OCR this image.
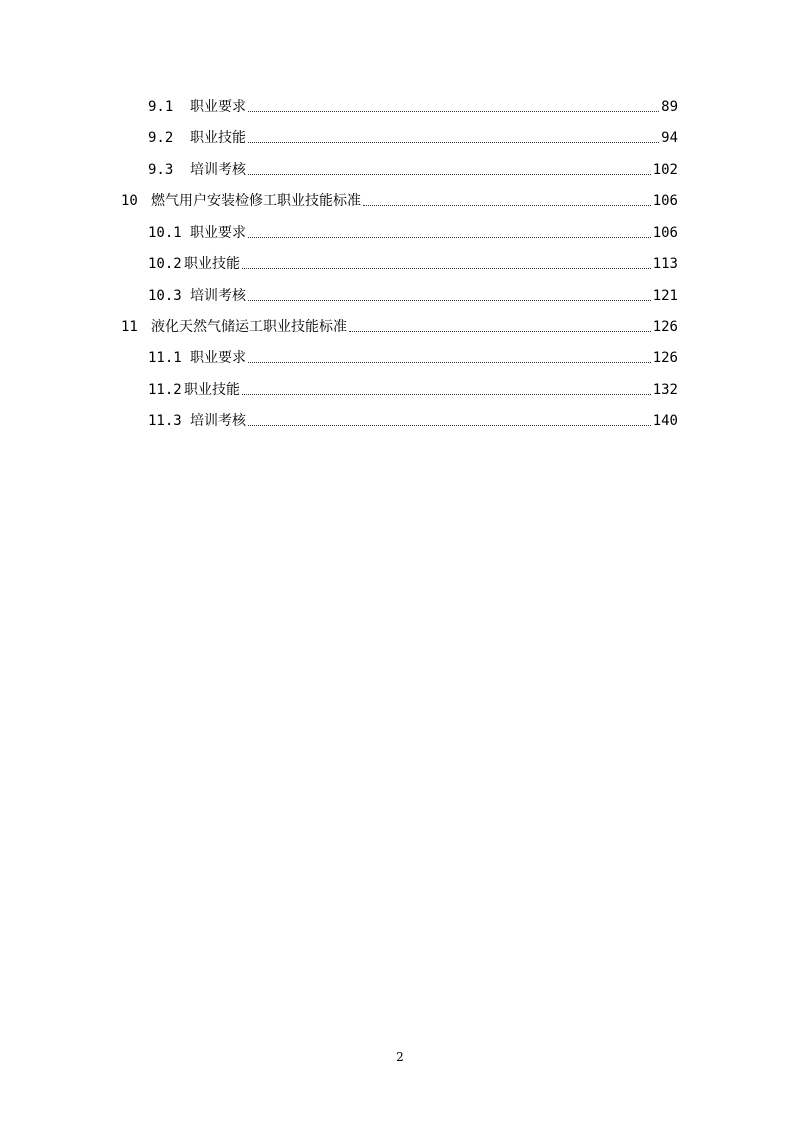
9.1	职业要求	89
9.2	职业技能	94
9.3	培训考核	102
10 燃气用户安装检修工职业技能标准	106
10.1 职业要求	106
10.2 职业技能	113
10.3 培训考核	121
11 液化天然气储运工职业技能标准	126
11.1 职业要求	126
11.2 职业技能	132
11.3 培训考核	140
2
